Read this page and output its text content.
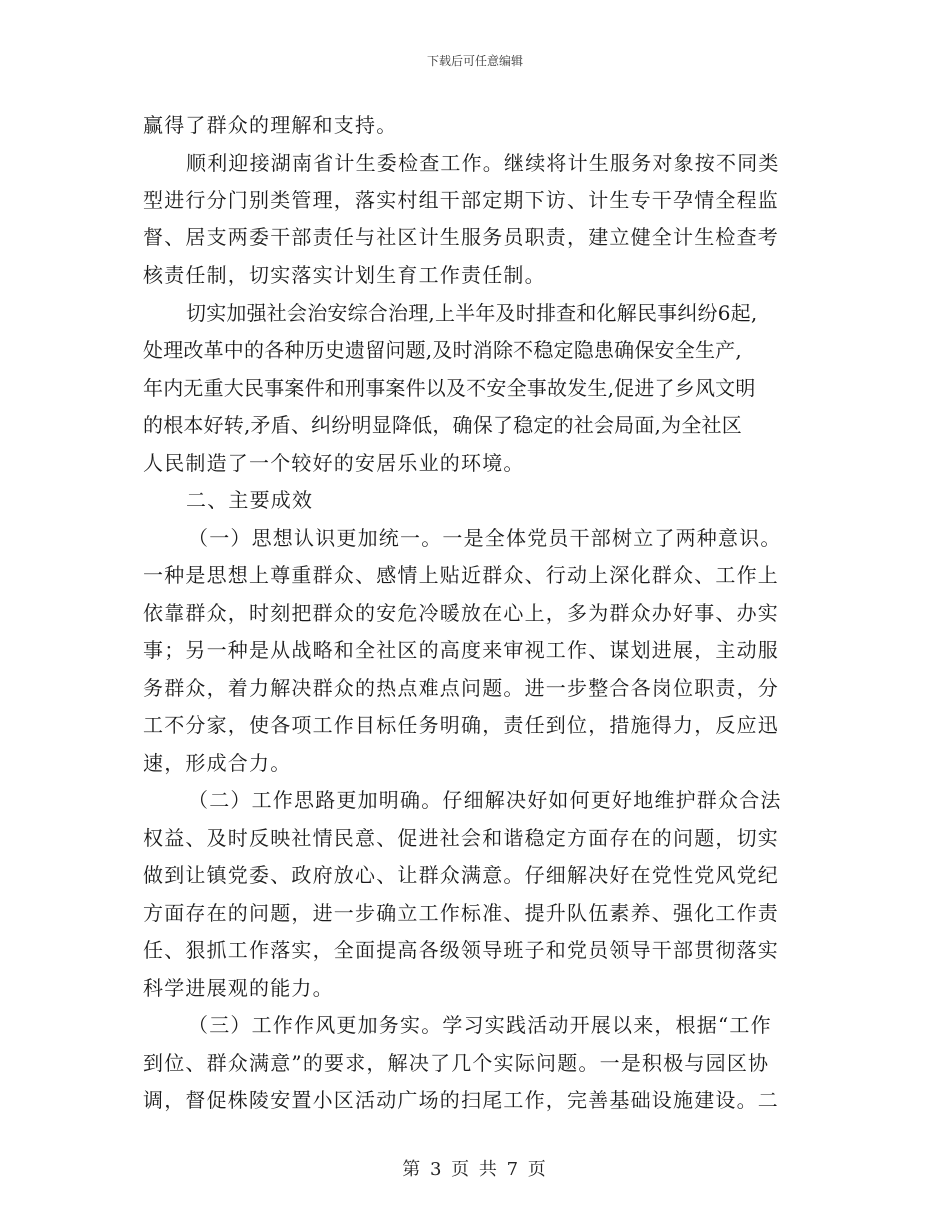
下载后可任意编辑
赢得了群众的理解和支持。
顺利迎接湖南省计生委检查工作。继续将计生服务对象按不同类
型进行分门别类管理，落实村组干部定期下访、计生专干孕情全程监
督、居支两委干部责任与社区计生服务员职责，建立健全计生检查考
核责任制，切实落实计划生育工作责任制。
切实加强社会治安综合治理,上半年及时排查和化解民事纠纷6起,
处理改革中的各种历史遗留问题,及时消除不稳定隐患确保安全生产,
年内无重大民事案件和刑事案件以及不安全事故发生,促进了乡风文明
的根本好转,矛盾、纠纷明显降低，确保了稳定的社会局面,为全社区
人民制造了一个较好的安居乐业的环境。
二、主要成效
（一）思想认识更加统一。一是全体党员干部树立了两种意识。
一种是思想上尊重群众、感情上贴近群众、行动上深化群众、工作上
依靠群众，时刻把群众的安危冷暖放在心上，多为群众办好事、办实
事；另一种是从战略和全社区的高度来审视工作、谋划进展，主动服
务群众，着力解决群众的热点难点问题。进一步整合各岗位职责，分
工不分家，使各项工作目标任务明确，责任到位，措施得力，反应迅
速，形成合力。
（二）工作思路更加明确。仔细解决好如何更好地维护群众合法
权益、及时反映社情民意、促进社会和谐稳定方面存在的问题，切实
做到让镇党委、政府放心、让群众满意。仔细解决好在党性党风党纪
方面存在的问题，进一步确立工作标准、提升队伍素养、强化工作责
任、狠抓工作落实，全面提高各级领导班子和党员领导干部贯彻落实
科学进展观的能力。
（三）工作作风更加务实。学习实践活动开展以来，根据“工作
到位、群众满意”的要求，解决了几个实际问题。一是积极与园区协
调，督促株陵安置小区活动广场的扫尾工作，完善基础设施建设。二
第 3 页 共 7 页
